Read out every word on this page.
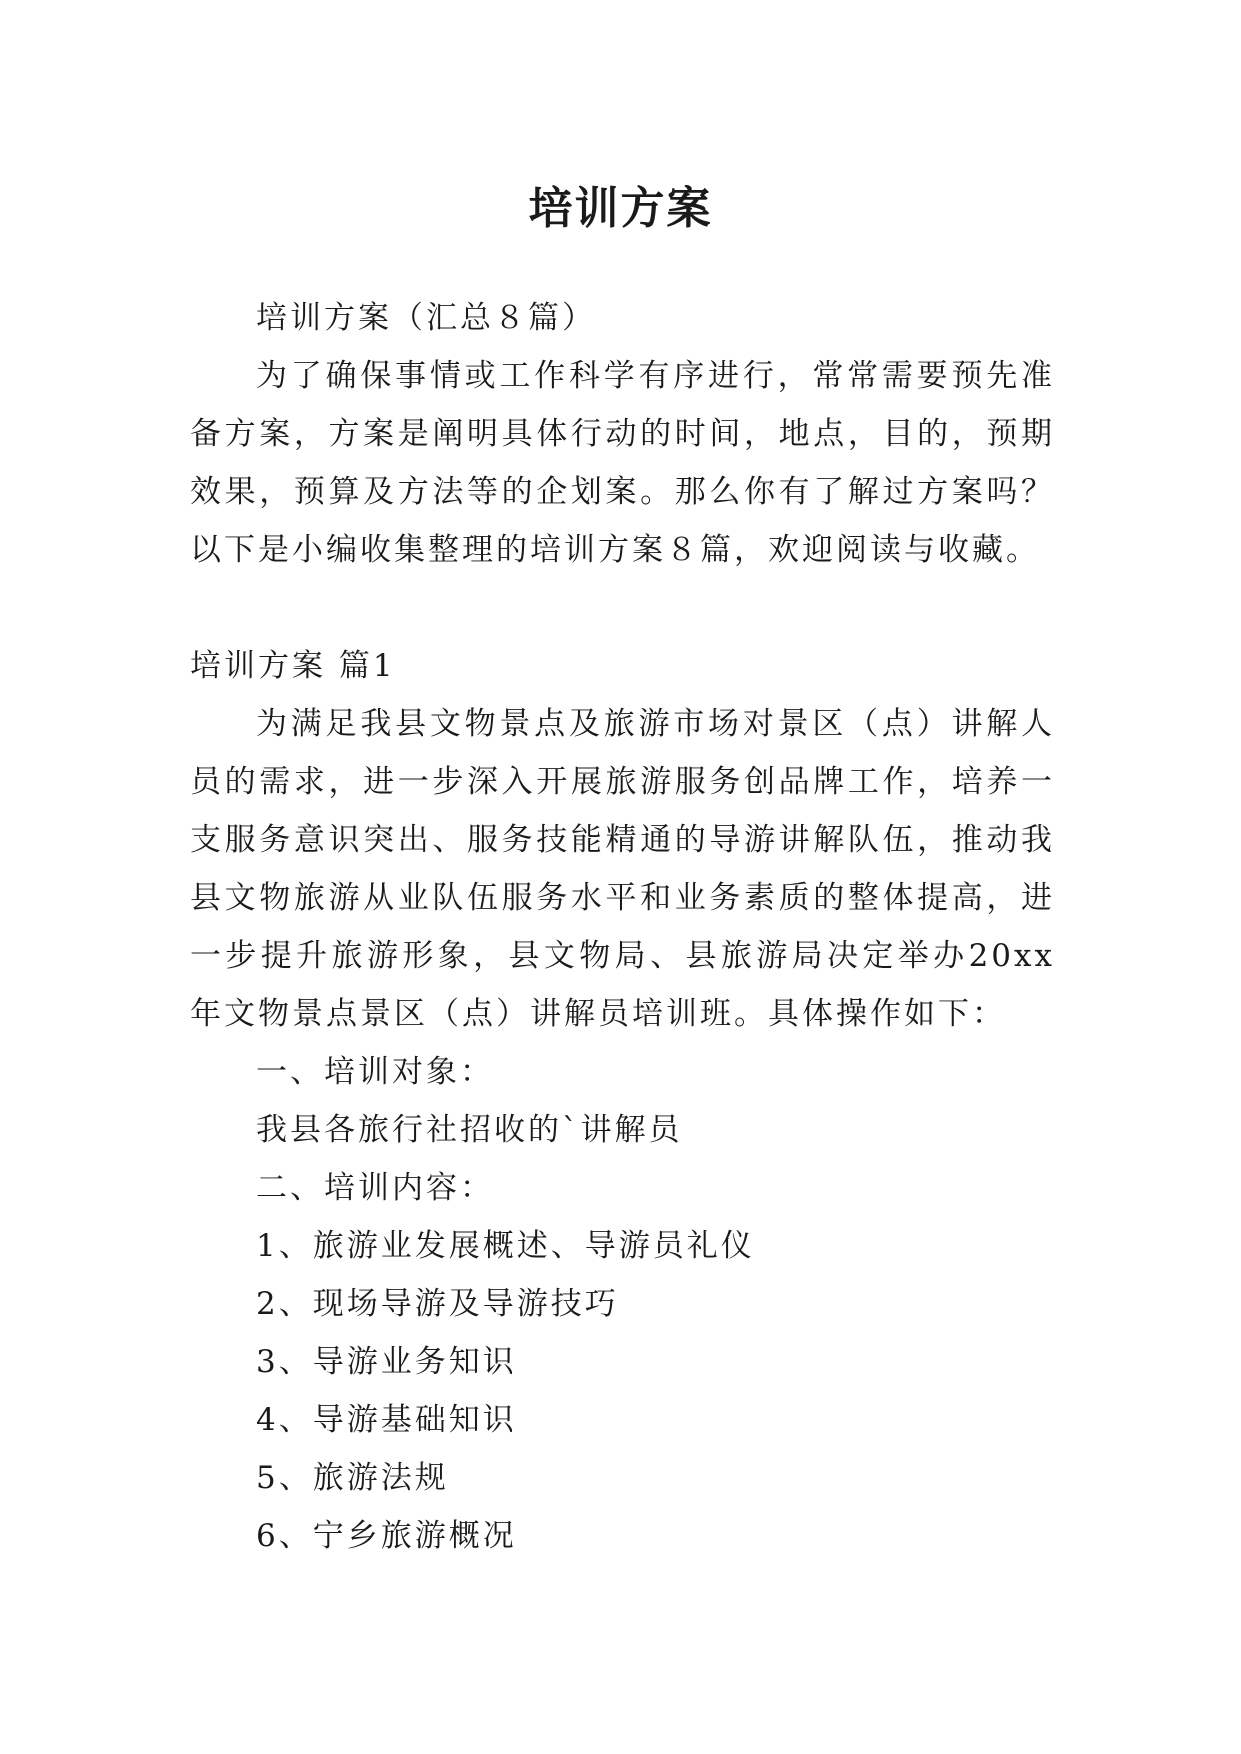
培训方案

培训方案（汇总８篇）

为了确保事情或工作科学有序进行，常常需要预先准备方案，方案是阐明具体行动的时间，地点，目的，预期效果，预算及方法等的企划案。那么你有了解过方案吗？以下是小编收集整理的培训方案８篇，欢迎阅读与收藏。

培训方案 篇1

为满足我县文物景点及旅游市场对景区（点）讲解人员的需求，进一步深入开展旅游服务创品牌工作，培养一支服务意识突出、服务技能精通的导游讲解队伍，推动我县文物旅游从业队伍服务水平和业务素质的整体提高，进一步提升旅游形象，县文物局、县旅游局决定举办20xx年文物景点景区（点）讲解员培训班。具体操作如下：

一、培训对象：

我县各旅行社招收的`讲解员

二、培训内容：

1、旅游业发展概述、导游员礼仪

2、现场导游及导游技巧

3、导游业务知识

4、导游基础知识

5、旅游法规

6、宁乡旅游概况
